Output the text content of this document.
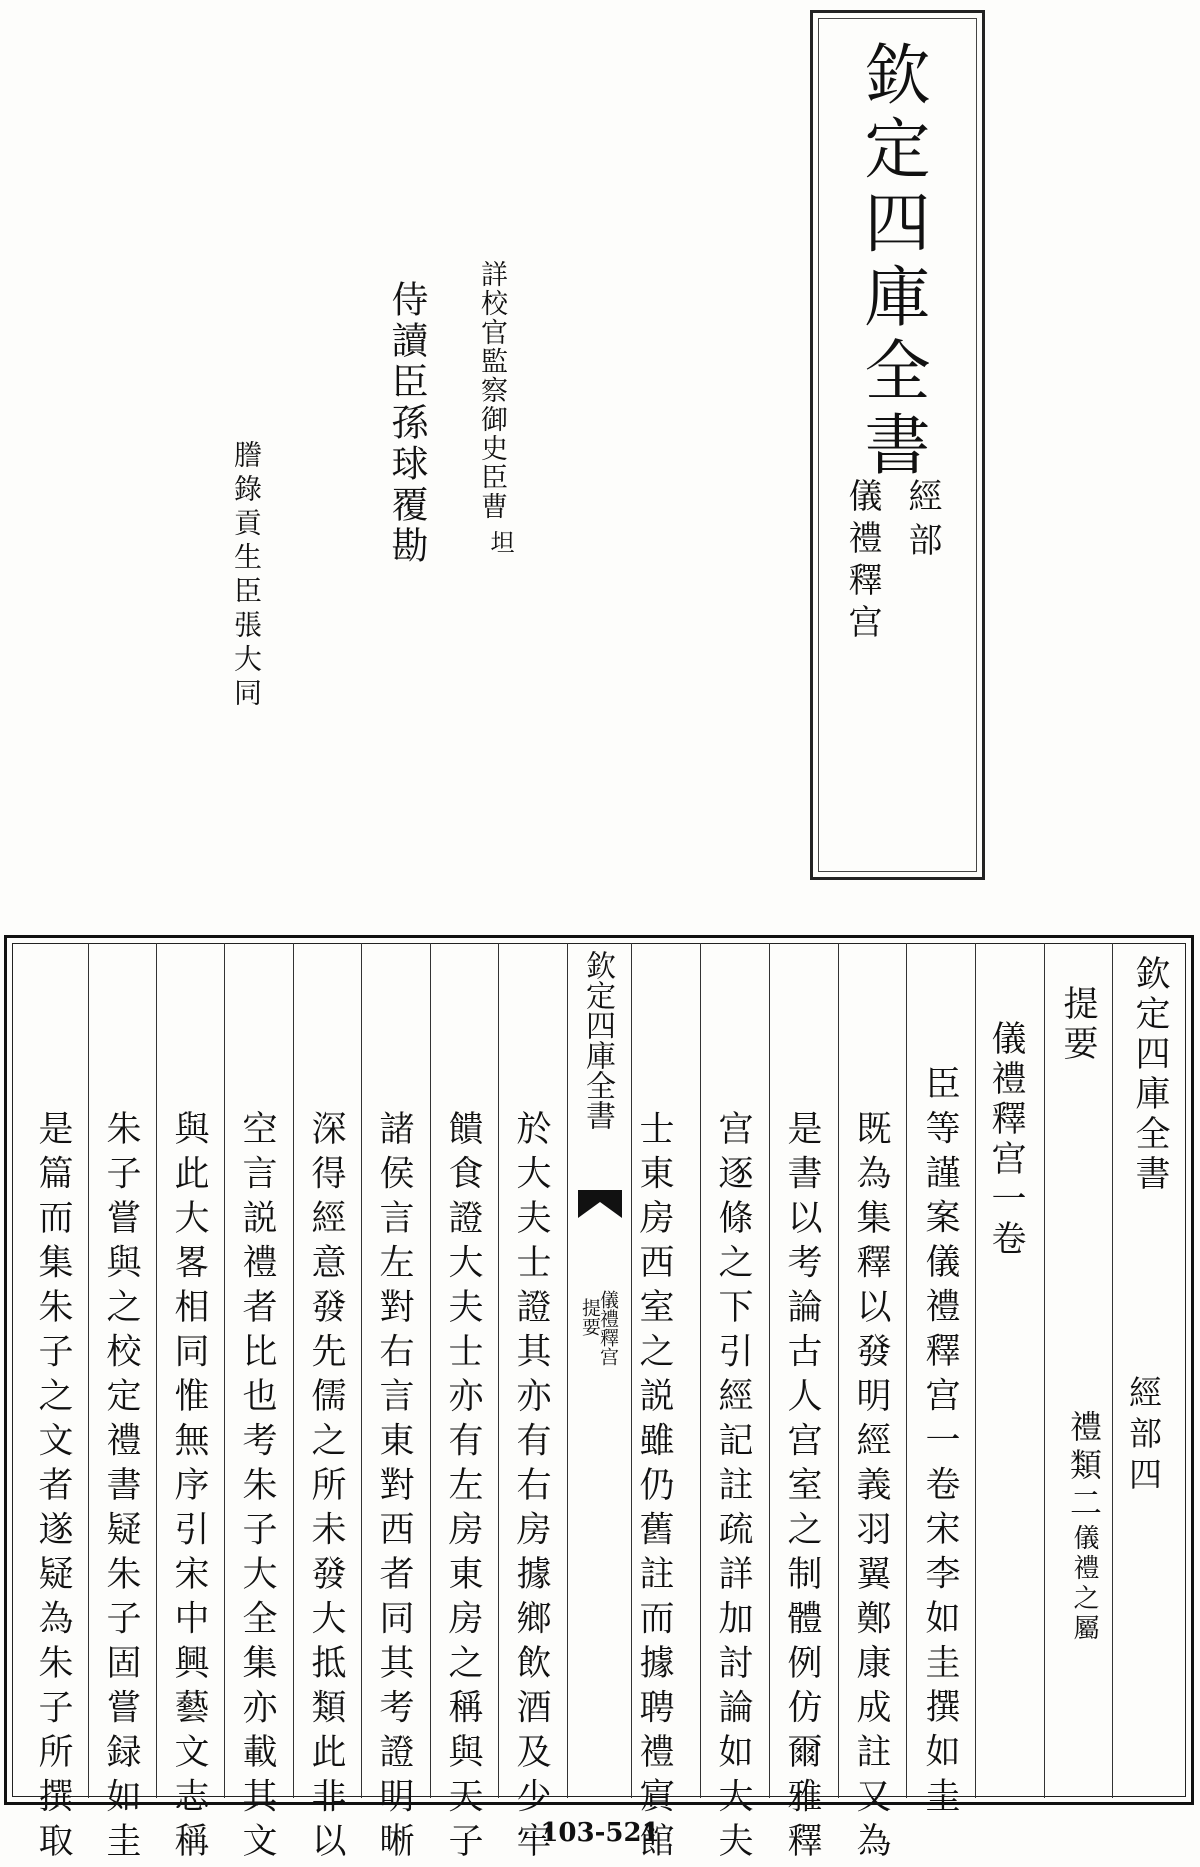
欽定四庫全書
經部
儀禮釋宫
詳校官監察御史臣曹
坦
侍讀臣孫球覆勘
謄錄貢生臣張大同
欽定四庫全書
經部四
提要
禮類二儀禮之屬
儀禮釋宫一卷
臣等謹案儀禮釋宫一卷宋李如圭撰如圭
既為集釋以發明經義羽翼鄭康成註又為
是書以考論古人宫室之制體例仿爾雅釋
宫逐條之下引經記註疏詳加討論如大夫
士東房西室之説雖仍舊註而據聘禮賔館
於大夫士證其亦有右房據鄉飲酒及少牢
饋食證大夫士亦有左房東房之稱與天子
諸侯言左對右言東對西者同其考證明晰
深得經意發先儒之所未發大抵類此非以
空言説禮者比也考朱子大全集亦載其文
與此大畧相同惟無序引宋中興藝文志稱
朱子嘗與之校定禮書疑朱子固嘗録如圭
是篇而集朱子之文者遂疑為朱子所撰取
欽定四庫全書
儀禮釋宫
提要
103-521
